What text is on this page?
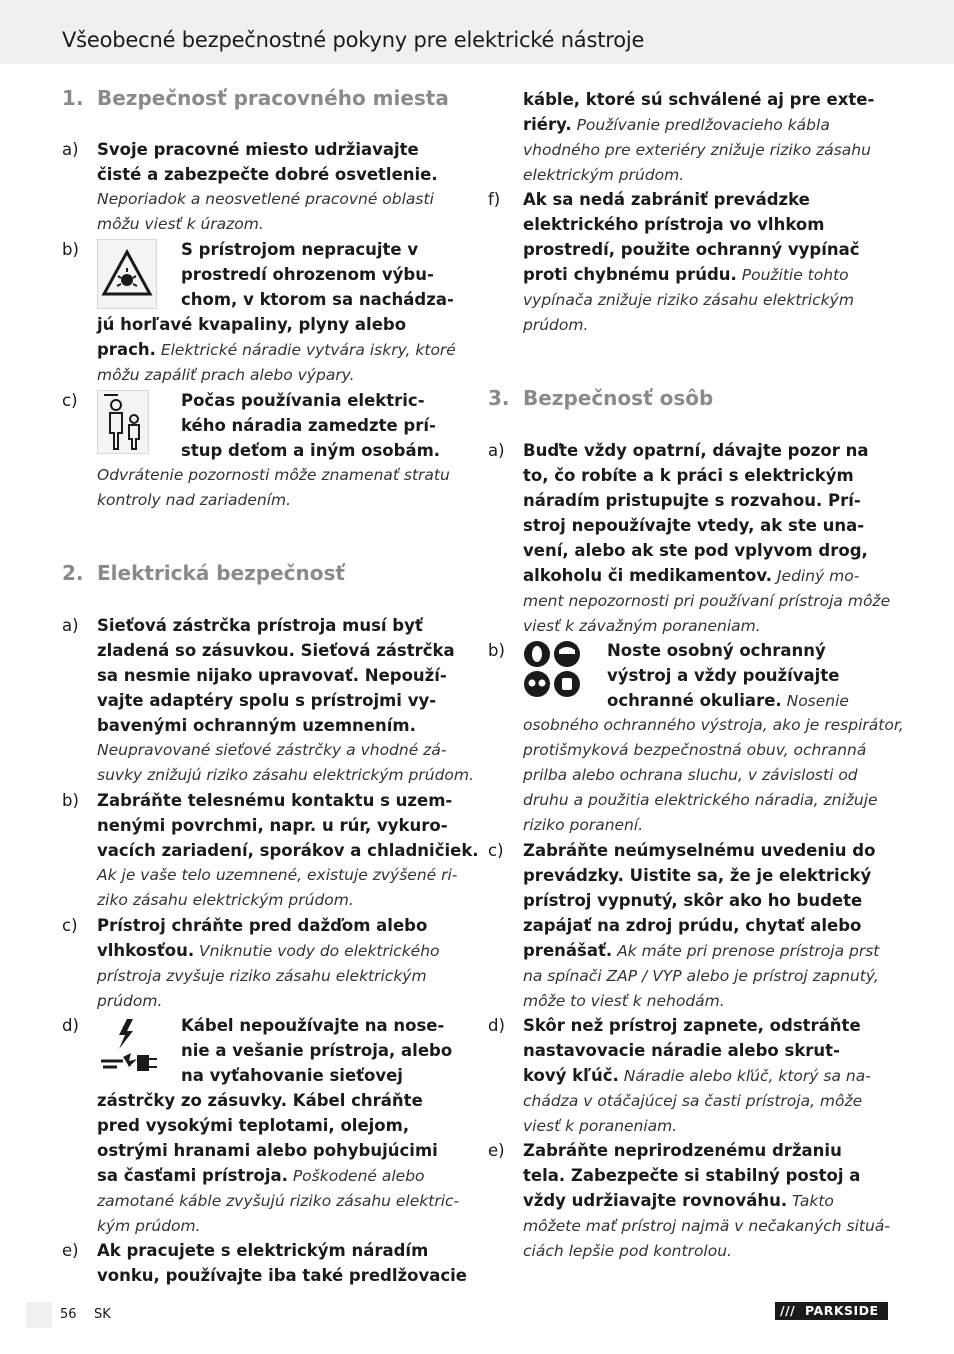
Všeobecné bezpečnostné pokyny pre elektrické nástroje
1. Bezpečnosť pracovného miesta
a)	Svoje pracovné miesto udržiavajte
čisté a zabezpečte dobré osvetlenie.
Neporiadok a neosvetlené pracovné oblasti
môžu viesť k úrazom.
b)	S prístrojom nepracujte v
prostredí ohrozenom výbu-
chom, v ktorom sa nachádza-
jú horľavé kvapaliny, plyny alebo
prach. Elektrické náradie vytvára iskry, ktoré
môžu zapáliť prach alebo výpary.
c)	Počas používania elektric-
kého náradia zamedzte prí-
stup deťom a iným osobám.
Odvrátenie pozornosti môže znamenať stratu
kontroly nad zariadením.
2. Elektrická bezpečnosť
a)	Sieťová zástrčka prístroja musí byť
zladená so zásuvkou. Sieťová zástrčka
sa nesmie nijako upravovať. Nepouží-
vajte adaptéry spolu s prístrojmi vy-
bavenými ochranným uzemnením.
Neupravované sieťové zástrčky a vhodné zá-
suvky znižujú riziko zásahu elektrickým prúdom.
b)	Zabráňte telesnému kontaktu s uzem-
nenými povrchmi, napr. u rúr, vykuro-
vacích zariadení, sporákov a chladničiek.
Ak je vaše telo uzemnené, existuje zvýšené ri-
ziko zásahu elektrickým prúdom.
c)	Prístroj chráňte pred dažďom alebo
vlhkosťou. Vniknutie vody do elektrického
prístroja zvyšuje riziko zásahu elektrickým
prúdom.
d)	Kábel nepoužívajte na nose-
nie a vešanie prístroja, alebo
na vyťahovanie sieťovej
zástrčky zo zásuvky. Kábel chráňte
pred vysokými teplotami, olejom,
ostrými hranami alebo pohybujúcimi
sa časťami prístroja. Poškodené alebo
zamotané káble zvyšujú riziko zásahu elektric-
kým prúdom.
e)	Ak pracujete s elektrickým náradím
vonku, používajte iba také predlžovacie
káble, ktoré sú schválené aj pre exte-
riéry. Používanie predlžovacieho kábla
vhodného pre exteriéry znižuje riziko zásahu
elektrickým prúdom.
f)	Ak sa nedá zabrániť prevádzke
elektrického prístroja vo vlhkom
prostredí, použite ochranný vypínač
proti chybnému prúdu. Použitie tohto
vypínača znižuje riziko zásahu elektrickým
prúdom.
3. Bezpečnosť osôb
a)	Buďte vždy opatrní, dávajte pozor na
to, čo robíte a k práci s elektrickým
náradím pristupujte s rozvahou. Prí-
stroj nepoužívajte vtedy, ak ste una-
vení, alebo ak ste pod vplyvom drog,
alkoholu či medikamentov. Jediný mo-
ment nepozornosti pri používaní prístroja môže
viesť k závažným poraneniam.
b)	Noste osobný ochranný
výstroj a vždy používajte
ochranné okuliare. Nosenie
osobného ochranného výstroja, ako je respirátor,
protišmyková bezpečnostná obuv, ochranná
prilba alebo ochrana sluchu, v závislosti od
druhu a použitia elektrického náradia, znižuje
riziko poranení.
c)	Zabráňte neúmyselnému uvedeniu do
prevádzky. Uistite sa, že je elektrický
prístroj vypnutý, skôr ako ho budete
zapájať na zdroj prúdu, chytať alebo
prenášať. Ak máte pri prenose prístroja prst
na spínači ZAP / VYP alebo je prístroj zapnutý,
môže to viesť k nehodám.
d)	Skôr než prístroj zapnete, odstráňte
nastavovacie náradie alebo skrut-
kový kľúč. Náradie alebo kľúč, ktorý sa na-
chádza v otáčajúcej sa časti prístroja, môže
viesť k poraneniam.
e)	Zabráňte neprirodzenému držaniu
tela. Zabezpečte si stabilný postoj a
vždy udržiavajte rovnováhu. Takto
môžete mať prístroj najmä v nečakaných situá-
ciách lepšie pod kontrolou.
56 SK	/// PARKSIDE
